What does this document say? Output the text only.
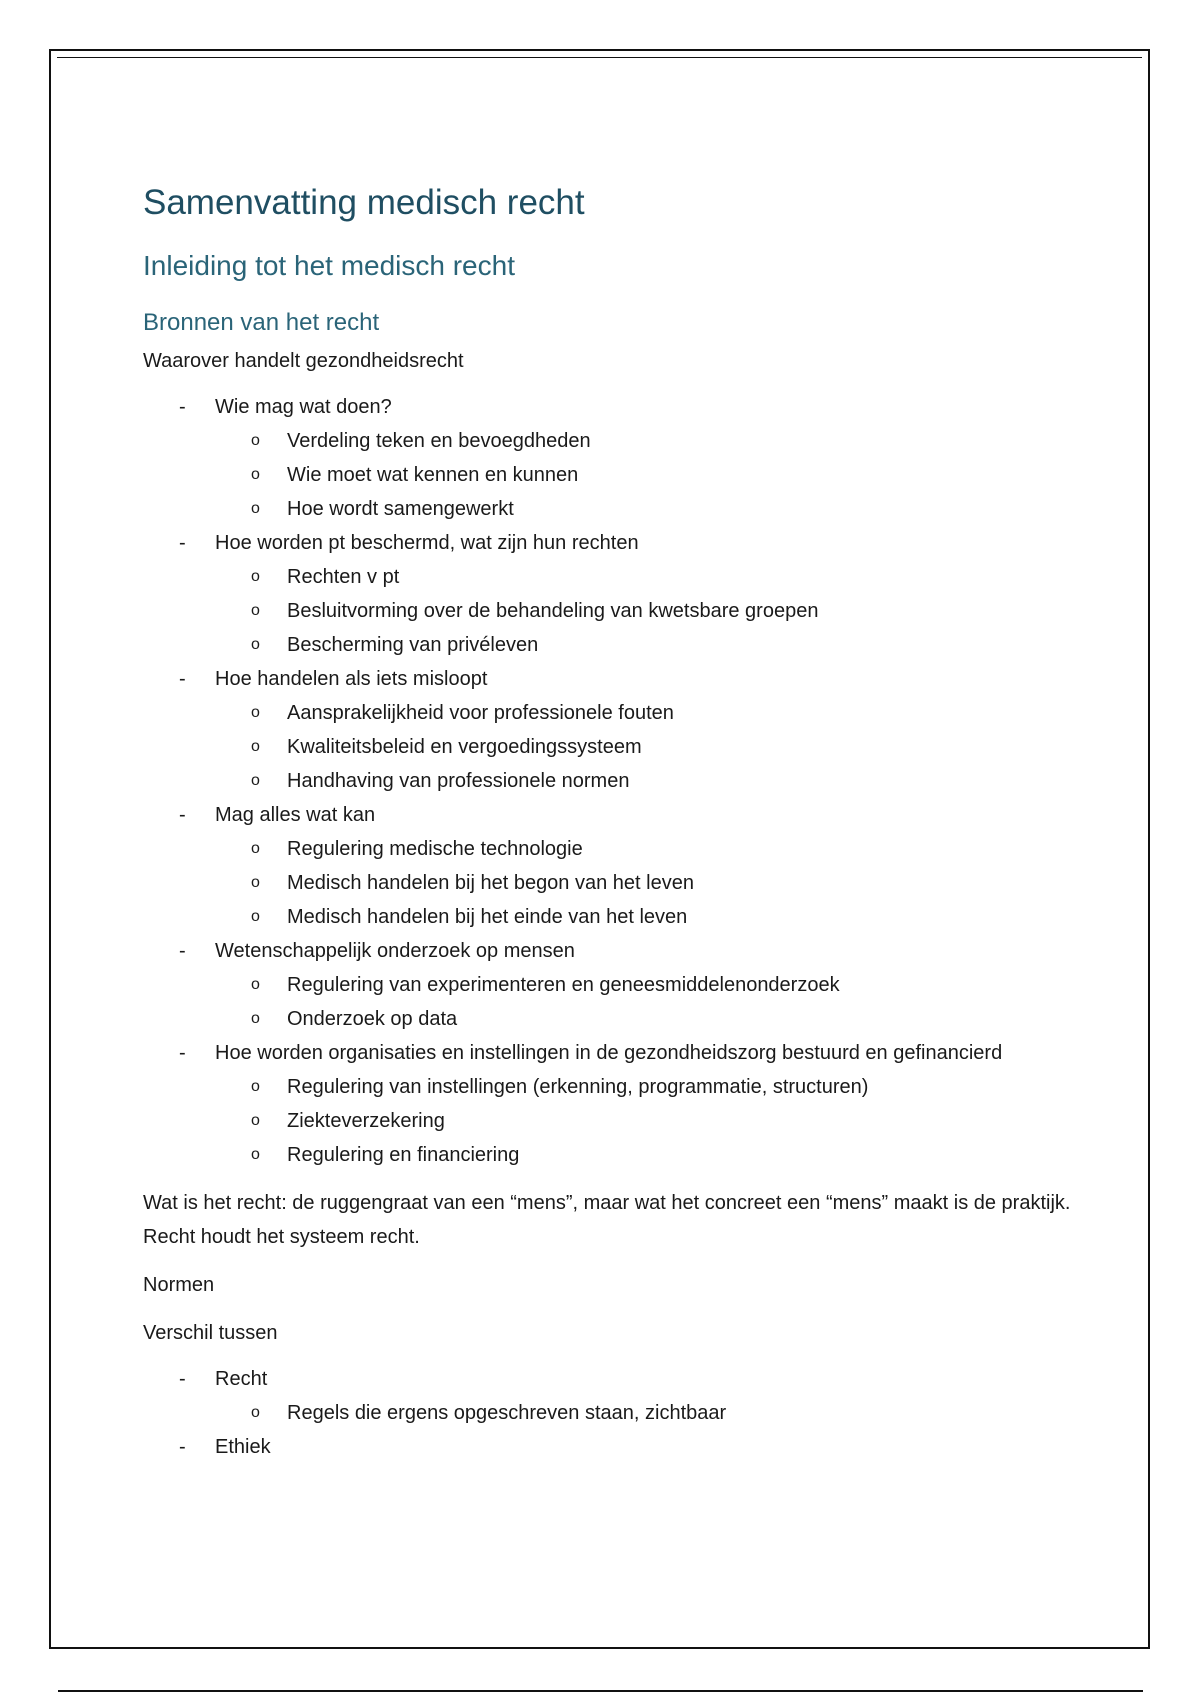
Samenvatting medisch recht
Inleiding tot het medisch recht
Bronnen van het recht

Waarover handelt gezondheidsrecht

-	Wie mag wat doen?
o Verdeling teken en bevoegdheden
o Wie moet wat kennen en kunnen
o Hoe wordt samengewerkt
-	Hoe worden pt beschermd, wat zijn hun rechten
o Rechten v pt
o Besluitvorming over de behandeling van kwetsbare groepen
o Bescherming van privéleven
-	Hoe handelen als iets misloopt
o Aansprakelijkheid voor professionele fouten
o Kwaliteitsbeleid en vergoedingssysteem
o Handhaving van professionele normen
-	Mag alles wat kan
o Regulering medische technologie
o Medisch handelen bij het begon van het leven
o Medisch handelen bij het einde van het leven
-	Wetenschappelijk onderzoek op mensen
o Regulering van experimenteren en geneesmiddelenonderzoek
o Onderzoek op data
-	Hoe worden organisaties en instellingen in de gezondheidszorg bestuurd en gefinancierd
o Regulering van instellingen (erkenning, programmatie, structuren)
o Ziekteverzekering
o Regulering en financiering

Wat is het recht: de ruggengraat van een “mens”, maar wat het concreet een “mens” maakt is de praktijk. Recht houdt het systeem recht.

Normen

Verschil tussen

-	Recht
o Regels die ergens opgeschreven staan, zichtbaar
-	Ethiek
